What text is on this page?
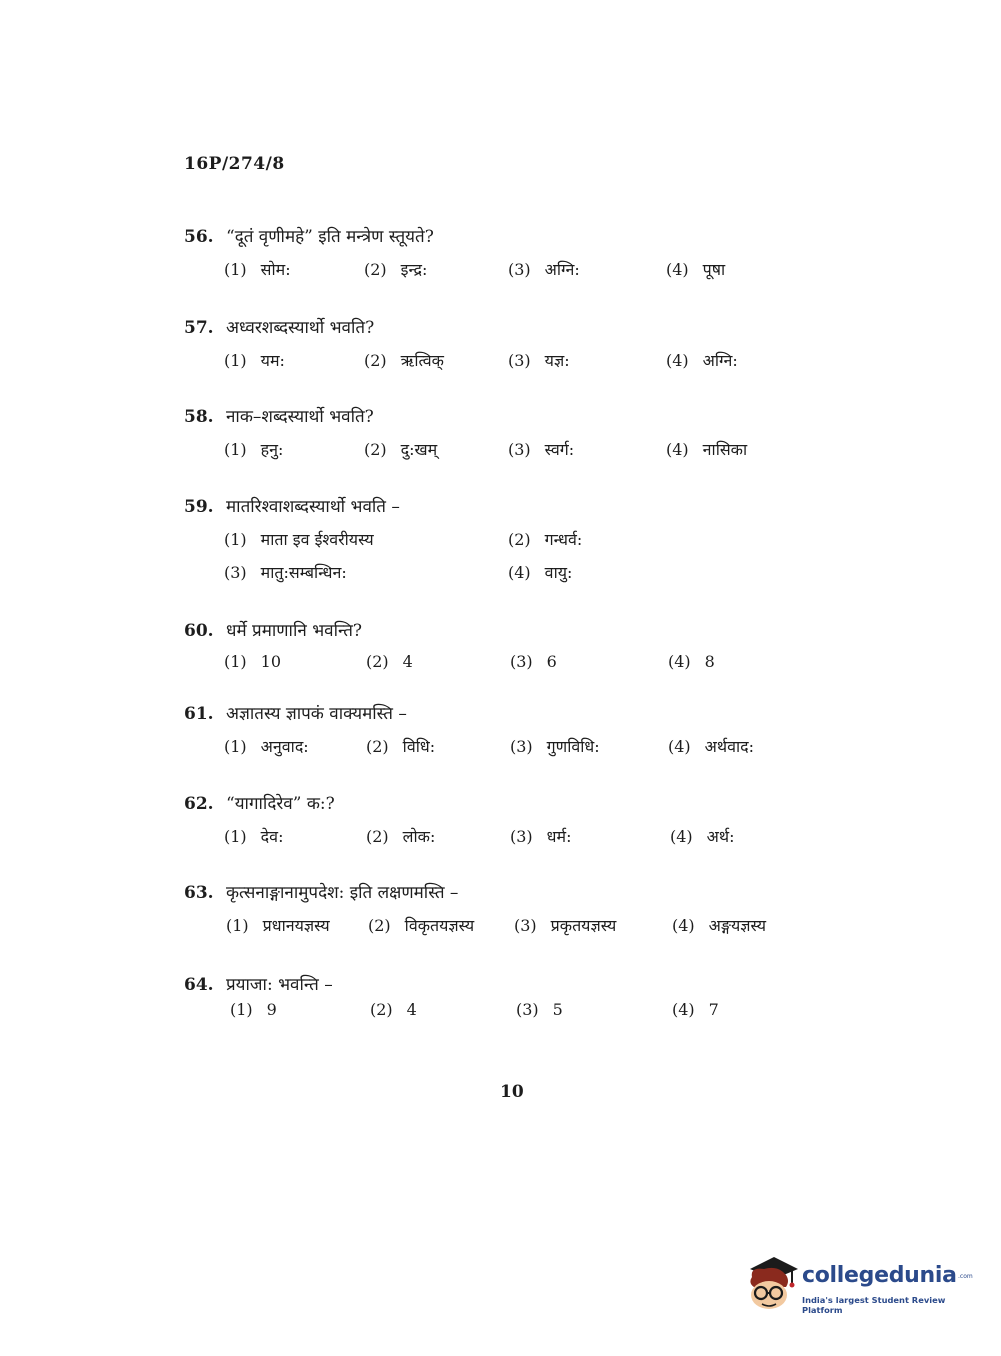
16P/274/8
56. “दूतं वृणीमहे” इति मन्त्रेण स्तूयते?
(1) सोम:	(2) इन्द्र:	(3) अग्नि:	(4) पूषा
57. अध्वरशब्दस्यार्थो भवति?
(1) यम:	(2) ऋत्विक्	(3) यज्ञ:	(4) अग्नि:
58. नाक–शब्दस्यार्थो भवति?
(1) हनु:	(2) दु:खम्	(3) स्वर्ग:	(4) नासिका
59. मातरिश्वाशब्दस्यार्थो भवति –
(1) माता इव ईश्वरीयस्य	(2) गन्धर्व:
(3) मातु:सम्बन्धिन:	(4) वायु:
60. धर्मे प्रमाणानि भवन्ति?
(1) 10	(2) 4	(3) 6	(4) 8
61. अज्ञातस्य ज्ञापकं वाक्यमस्ति –
(1) अनुवाद:	(2) विधि:	(3) गुणविधि:	(4) अर्थवाद:
62. “यागादिरेव” क:?
(1) देव:	(2) लोक:	(3) धर्म:	(4) अर्थ:
63. कृत्सनाङ्गानामुपदेश: इति लक्षणमस्ति –
(1) प्रधानयज्ञस्य (2) विकृतयज्ञस्य (3) प्रकृतयज्ञस्य	(4) अङ्गयज्ञस्य
64. प्रयाजा: भवन्ति –
(1) 9	(2) 4	(3) 5	(4) 7
10
collegedunia .com
India's largest Student Review Platform
